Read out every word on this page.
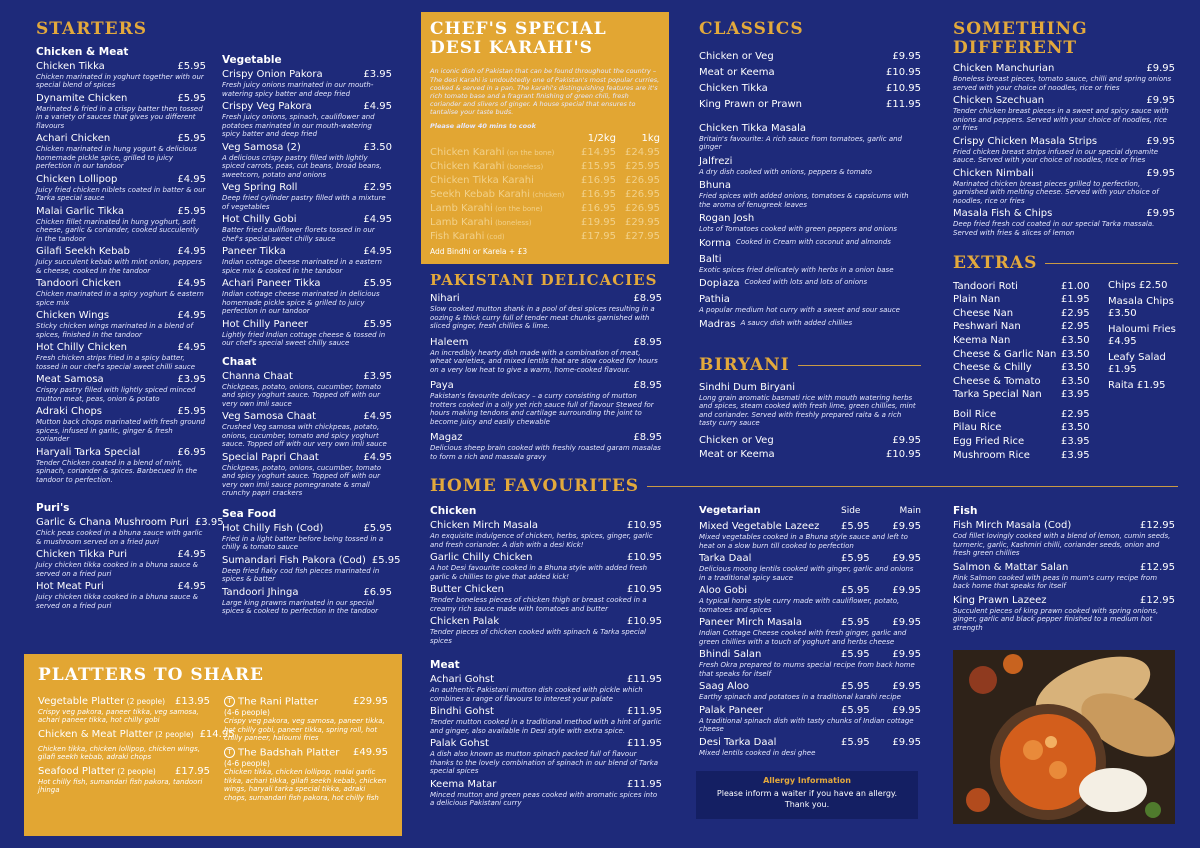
STARTERS
Chicken & Meat
Chicken Tikka	£5.95
Chicken marinated in yoghurt together with our special blend of spices
Dynamite Chicken	£5.95
Marinated & fried in a crispy batter then tossed in a variety of sauces that gives you different flavours
Achari Chicken	£5.95
Chicken marinated in hung yogurt & delicious homemade pickle spice, grilled to juicy perfection in our tandoor
Chicken Lollipop	£4.95
Juicy fried chicken niblets coated in batter & our Tarka special sauce
Malai Garlic Tikka	£5.95
Chicken fillet marinated in hung yoghurt, soft cheese, garlic & coriander, cooked succulently in the tandoor
Gilafi Seekh Kebab	£4.95
Juicy succulent kebab with mint onion, peppers & cheese, cooked in the tandoor
Tandoori Chicken	£4.95
Chicken marinated in a spicy yoghurt & eastern spice mix
Chicken Wings	£4.95
Sticky chicken wings marinated in a blend of spices, finished in the tandoor
Hot Chilly Chicken	£4.95
Fresh chicken strips fried in a spicy batter, tossed in our chef's special sweet chilli sauce
Meat Samosa	£3.95
Crispy pastry filled with lightly spiced minced mutton meat, peas, onion & potato
Adraki Chops	£5.95
Mutton back chops marinated with fresh ground spices, infused in garlic, ginger & fresh coriander
Haryali Tarka Special	£6.95
Tender Chicken coated in a blend of mint, spinach, coriander & spices. Barbecued in the tandoor to perfection.
Puri's
Garlic & Chana Mushroom Puri £3.95
Chick peas cooked in a bhuna sauce with garlic & mushroom served on a fried puri
Chicken Tikka Puri	£4.95
Juicy chicken tikka cooked in a bhuna sauce & served on a fried puri
Hot Meat Puri	£4.95
Juicy chicken tikka cooked in a bhuna sauce & served on a fried puri
Vegetable
Crispy Onion Pakora	£3.95
Fresh juicy onions marinated in our mouth-watering spicy batter and deep fried
Crispy Veg Pakora	£4.95
Fresh juicy onions, spinach, cauliflower and potatoes marinated in our mouth-watering spicy batter and deep fried
Veg Samosa (2)	£3.50
A delicious crispy pastry filled with lightly spiced carrots, peas, cut beans, broad beans, sweetcorn, potato and onions
Veg Spring Roll	£2.95
Deep fried cylinder pastry filled with a mixture of vegetables
Hot Chilly Gobi	£4.95
Batter fried cauliflower florets tossed in our chef's special sweet chilly sauce
Paneer Tikka	£4.95
Indian cottage cheese marinated in a eastern spice mix & cooked in the tandoor
Achari Paneer Tikka	£5.95
Indian cottage cheese marinated in delicious homemade pickle spice & grilled to juicy perfection in our tandoor
Hot Chilly Paneer	£5.95
Lightly fried Indian cottage cheese & tossed in our chef's special sweet chilly sauce
Chaat
Channa Chaat	£3.95
Chickpeas, potato, onions, cucumber, tomato and spicy yoghurt sauce. Topped off with our very own imli sauce
Veg Samosa Chaat	£4.95
Crushed Veg samosa with chickpeas, potato, onions, cucumber, tomato and spicy yoghurt sauce. Topped off with our very own imli sauce
Special Papri Chaat	£4.95
Chickpeas, potato, onions, cucumber, tomato and spicy yoghurt sauce. Topped off with our very own imli sauce pomegranate & small crunchy papri crackers
Sea Food
Hot Chilly Fish (Cod)	£5.95
Fried in a light batter before being tossed in a chilly & tomato sauce
Sumandari Fish Pakora (Cod) £5.95
Deep fried flaky cod fish pieces marinated in spices & batter
Tandoori Jhinga	£6.95
Large king prawns marinated in our special spices & cooked to perfection in the tandoor
PLATTERS TO SHARE
Vegetable Platter (2 people) £13.95
Crispy veg pakora, paneer tikka, veg samosa, achari paneer tikka, hot chilly gobi
Chicken & Meat Platter (2 people) £14.95
Chicken tikka, chicken lollipop, chicken wings, gilafi seekh kebab, adraki chops
Seafood Platter (2 people) £17.95
Hot chilly fish, sumandari fish pakora, tandoori jhinga
T The Rani Platter	£29.95
(4-6 people)
Crispy veg pakora, veg samosa, paneer tikka, hot chilly gobi, paneer tikka, spring roll, hot chilly paneer, haloumi fries
T The Badshah Platter £49.95
(4-6 people)
Chicken tikka, chicken lollipop, malai garlic tikka, achari tikka, gilafi seekh kebab, chicken wings, haryali tarka special tikka, adraki chops, sumandari fish pakora, hot chilly fish
CHEF'S SPECIAL
DESI KARAHI'S
An iconic dish of Pakistan that can be found throughout the country – The desi Karahi is undoubtedly one of Pakistan's most popular curries, cooked & served in a pan. The karahi's distinguishing features are it's rich tomato base and a fragrant finishing of green chili, fresh coriander and slivers of ginger. A house special that ensures to tantalise your taste buds.
Please allow 40 mins to cook
1/2kg	1kg
Chicken Karahi (on the bone)	£14.95 £24.95
Chicken Karahi (boneless)	£15.95 £25.95
Chicken Tikka Karahi	£16.95 £26.95
Seekh Kebab Karahi (chicken)	£16.95 £26.95
Lamb Karahi (on the bone)	£16.95 £26.95
Lamb Karahi (boneless)	£19.95 £29.95
Fish Karahi (cod)	£17.95 £27.95
Add Bindhi or Karela + £3
PAKISTANI DELICACIES
Nihari	£8.95
Slow cooked mutton shank in a pool of desi spices resulting in a oozing & thick curry full of tender meat chunks garnished with sliced ginger, fresh chillies & lime.
Haleem	£8.95
An incredibly hearty dish made with a combination of meat, wheat varieties, and mixed lentils that are slow cooked for hours on a very low heat to give a warm, home-cooked flavour.
Paya	£8.95
Pakistan's favourite delicacy – a curry consisting of mutton trotters cooked in a oily yet rich sauce full of flavour Stewed for hours making tendons and cartilage surrounding the joint to become juicy and easily chewable
Magaz	£8.95
Delicious sheep brain cooked with freshly roasted garam masalas to form a rich and massala gravy
CLASSICS
Chicken or Veg	£9.95
Meat or Keema	£10.95
Chicken Tikka	£10.95
King Prawn or Prawn	£11.95
Chicken Tikka Masala
Britain's favourite: A rich sauce from tomatoes, garlic and ginger
Jalfrezi
A dry dish cooked with onions, peppers & tomato
Bhuna
Fried spices with added onions, tomatoes & capsicums with the aroma of fenugreek leaves
Rogan Josh
Lots of Tomatoes cooked with green peppers and onions
Korma Cooked in Cream with coconut and almonds
Balti
Exotic spices fried delicately with herbs in a onion base
Dopiaza Cooked with lots and lots of onions
Pathia
A popular medium hot curry with a sweet and sour sauce
Madras A saucy dish with added chillies
BIRYANI
Sindhi Dum Biryani
Long grain aromatic basmati rice with mouth watering herbs and spices, steam cooked with fresh lime, green chillies, mint and coriander. Served with freshly prepared raita & a rich tasty curry sauce
Chicken or Veg	£9.95
Meat or Keema	£10.95
SOMETHING
DIFFERENT
Chicken Manchurian	£9.95
Boneless breast pieces, tomato sauce, chilli and spring onions served with your choice of noodles, rice or fries
Chicken Szechuan	£9.95
Tender chicken breast pieces in a sweet and spicy sauce with onions and peppers. Served with your choice of noodles, rice or fries
Crispy Chicken Masala Strips	£9.95
Fried chicken breast strips infused in our special dynamite sauce. Served with your choice of noodles, rice or fries
Chicken Nimbali	£9.95
Marinated chicken breast pieces grilled to perfection, garnished with melting cheese. Served with your choice of noodles, rice or fries
Masala Fish & Chips	£9.95
Deep fried fresh cod coated in our special Tarka massala. Served with fries & slices of lemon
EXTRAS
Tandoori Roti	£1.00
Plain Nan	£1.95
Cheese Nan	£2.95
Peshwari Nan	£2.95
Keema Nan	£3.50
Cheese & Garlic Nan £3.50
Cheese & Chilly	£3.50
Cheese & Tomato	£3.50
Tarka Special Nan	£3.95
Boil Rice	£2.95
Pilau Rice	£3.50
Egg Fried Rice	£3.95
Mushroom Rice	£3.95
Chips £2.50
Masala Chips £3.50
Haloumi Fries £4.95
Leafy Salad £1.95
Raita £1.95
HOME FAVOURITES
Chicken
Chicken Mirch Masala	£10.95
An exquisite indulgence of chicken, herbs, spices, ginger, garlic and fresh coriander. A dish with a desi Kick!
Garlic Chilly Chicken	£10.95
A hot Desi favourite cooked in a Bhuna style with added fresh garlic & chillies to give that added kick!
Butter Chicken	£10.95
Tender boneless pieces of chicken thigh or breast cooked in a creamy rich sauce made with tomatoes and butter
Chicken Palak	£10.95
Tender pieces of chicken cooked with spinach & Tarka special spices
Meat
Achari Gohst	£11.95
An authentic Pakistani mutton dish cooked with pickle which combines a range of flavours to interest your palate
Bindhi Gohst	£11.95
Tender mutton cooked in a traditional method with a hint of garlic and ginger, also available in Desi style with extra spice.
Palak Gohst	£11.95
A dish also known as mutton spinach packed full of flavour thanks to the lovely combination of spinach in our blend of Tarka special spices
Keema Matar	£11.95
Minced mutton and green peas cooked with aromatic spices into a delicious Pakistani curry
Vegetarian	Side	Main
Mixed Vegetable Lazeez	£5.95	£9.95
Mixed vegetables cooked in a Bhuna style sauce and left to heat on a slow burn till cooked to perfection
Tarka Daal	£5.95	£9.95
Delicious moong lentils cooked with ginger, garlic and onions in a traditional spicy sauce
Aloo Gobi	£5.95	£9.95
A typical home style curry made with cauliflower, potato, tomatoes and spices
Paneer Mirch Masala	£5.95	£9.95
Indian Cottage Cheese cooked with fresh ginger, garlic and green chillies with a touch of yoghurt and herbs cheese
Bhindi Salan	£5.95	£9.95
Fresh Okra prepared to mums special recipe from back home that speaks for itself
Saag Aloo	£5.95	£9.95
Earthy spinach and potatoes in a traditional karahi recipe
Palak Paneer	£5.95	£9.95
A traditional spinach dish with tasty chunks of Indian cottage cheese
Desi Tarka Daal	£5.95	£9.95
Mixed lentils cooked in desi ghee
Allergy Information
Please inform a waiter if you have an allergy. Thank you.
Fish
Fish Mirch Masala (Cod)	£12.95
Cod fillet lovingly cooked with a blend of lemon, cumin seeds, turmeric, garlic, Kashmiri chilli, coriander seeds, onion and fresh green chillies
Salmon & Mattar Salan	£12.95
Pink Salmon cooked with peas in mum's curry recipe from back home that speaks for itself
King Prawn Lazeez	£12.95
Succulent pieces of king prawn cooked with spring onions, ginger, garlic and black pepper finished to a medium hot strength
